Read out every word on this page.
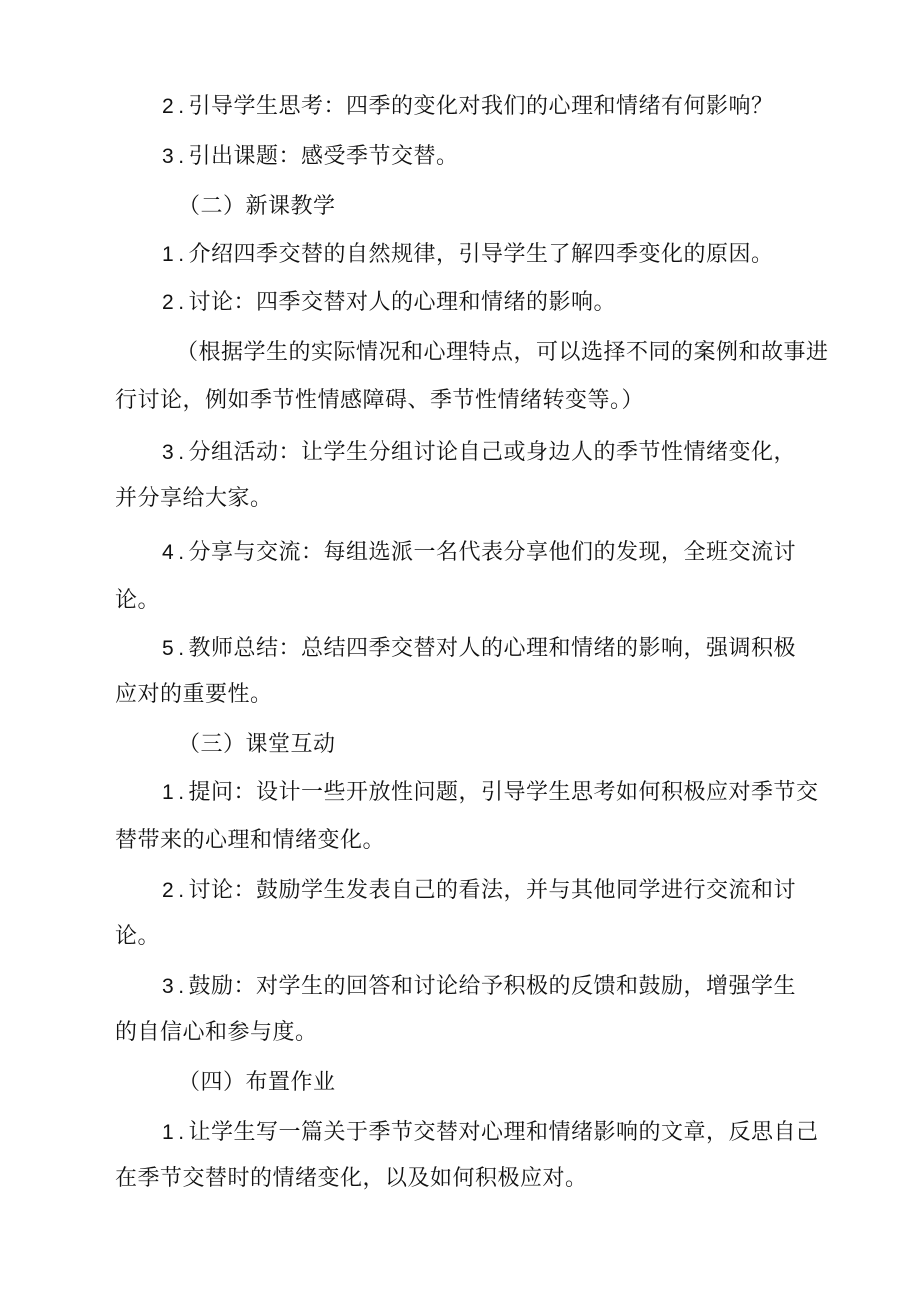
2 . 引导学生思考：四季的变化对我们的心理和情绪有何影响？
3 . 引出课题：感受季节交替。
（二）新课教学
1 . 介绍四季交替的自然规律，引导学生了解四季变化的原因。
2 . 讨论：四季交替对人的心理和情绪的影响。
（根据学生的实际情况和心理特点，可以选择不同的案例和故事进
行讨论，例如季节性情感障碍、季节性情绪转变等。）
3 . 分组活动：让学生分组讨论自己或身边人的季节性情绪变化，
并分享给大家。
4 . 分享与交流：每组选派一名代表分享他们的发现，全班交流讨
论。
5 . 教师总结：总结四季交替对人的心理和情绪的影响，强调积极
应对的重要性。
（三）课堂互动
1 . 提问：设计一些开放性问题，引导学生思考如何积极应对季节交
替带来的心理和情绪变化。
2 . 讨论：鼓励学生发表自己的看法，并与其他同学进行交流和讨
论。
3 . 鼓励：对学生的回答和讨论给予积极的反馈和鼓励，增强学生
的自信心和参与度。
（四）布置作业
1 . 让学生写一篇关于季节交替对心理和情绪影响的文章，反思自己
在季节交替时的情绪变化，以及如何积极应对。
